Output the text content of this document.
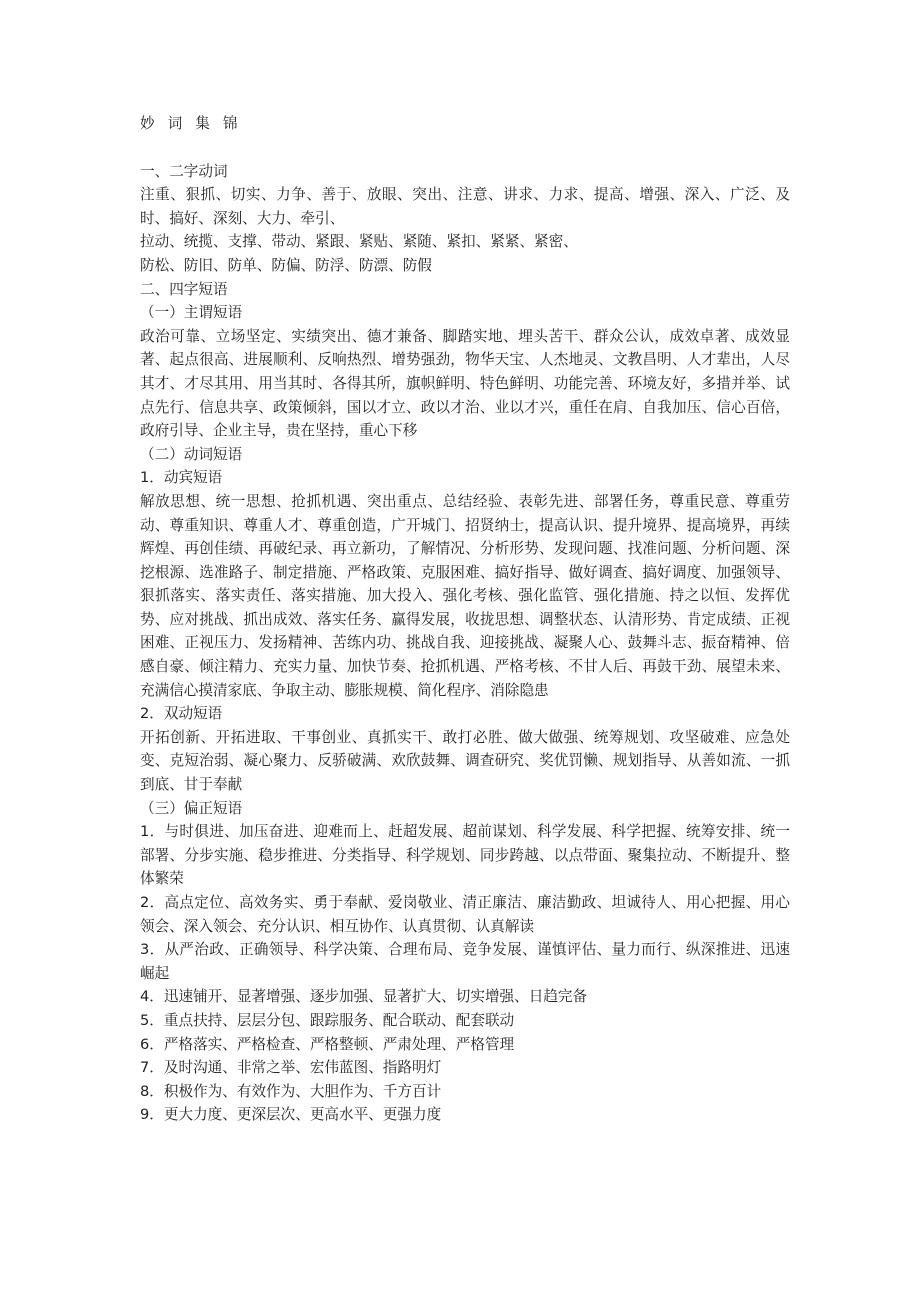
妙 词 集 锦

一、二字动词

注重、狠抓、切实、力争、善于、放眼、突出、注意、讲求、力求、提高、增强、深入、广泛、及时、搞好、深刻、大力、牵引、

拉动、统揽、支撑、带动、紧跟、紧贴、紧随、紧扣、紧紧、紧密、

防松、防旧、防单、防偏、防浮、防漂、防假

二、四字短语

（一）主谓短语

政治可靠、立场坚定、实绩突出、德才兼备、脚踏实地、埋头苦干、群众公认，成效卓著、成效显著、起点很高、进展顺利、反响热烈、增势强劲，物华天宝、人杰地灵、文教昌明、人才辈出，人尽其才、才尽其用、用当其时、各得其所，旗帜鲜明、特色鲜明、功能完善、环境友好，多措并举、试点先行、信息共享、政策倾斜，国以才立、政以才治、业以才兴，重任在肩、自我加压、信心百倍，政府引导、企业主导，贵在坚持，重心下移

（二）动词短语

1．动宾短语

解放思想、统一思想、抢抓机遇、突出重点、总结经验、表彰先进、部署任务，尊重民意、尊重劳动、尊重知识、尊重人才、尊重创造，广开城门、招贤纳士，提高认识、提升境界、提高境界，再续辉煌、再创佳绩、再破纪录、再立新功，了解情况、分析形势、发现问题、找准问题、分析问题、深挖根源、选准路子、制定措施、严格政策、克服困难、搞好指导、做好调查、搞好调度、加强领导、狠抓落实、落实责任、落实措施、加大投入、强化考核、强化监管、强化措施、持之以恒、发挥优势、应对挑战、抓出成效、落实任务、赢得发展，收拢思想、调整状态、认清形势、肯定成绩、正视困难、正视压力、发扬精神、苦练内功、挑战自我、迎接挑战、凝聚人心、鼓舞斗志、振奋精神、倍感自豪、倾注精力、充实力量、加快节奏、抢抓机遇、严格考核、不甘人后、再鼓干劲、展望未来、充满信心摸清家底、争取主动、膨胀规模、简化程序、消除隐患

2．双动短语

开拓创新、开拓进取、干事创业、真抓实干、敢打必胜、做大做强、统筹规划、攻坚破难、应急处变、克短治弱、凝心聚力、反骄破满、欢欣鼓舞、调查研究、奖优罚懒、规划指导、从善如流、一抓到底、甘于奉献

（三）偏正短语

1．与时俱进、加压奋进、迎难而上、赶超发展、超前谋划、科学发展、科学把握、统筹安排、统一部署、分步实施、稳步推进、分类指导、科学规划、同步跨越、以点带面、聚集拉动、不断提升、整体繁荣

2．高点定位、高效务实、勇于奉献、爱岗敬业、清正廉洁、廉洁勤政、坦诚待人、用心把握、用心领会、深入领会、充分认识、相互协作、认真贯彻、认真解读

3．从严治政、正确领导、科学决策、合理布局、竞争发展、谨慎评估、量力而行、纵深推进、迅速崛起

4．迅速铺开、显著增强、逐步加强、显著扩大、切实增强、日趋完备

5．重点扶持、层层分包、跟踪服务、配合联动、配套联动

6．严格落实、严格检查、严格整顿、严肃处理、严格管理

7．及时沟通、非常之举、宏伟蓝图、指路明灯

8．积极作为、有效作为、大胆作为、千方百计

9．更大力度、更深层次、更高水平、更强力度
